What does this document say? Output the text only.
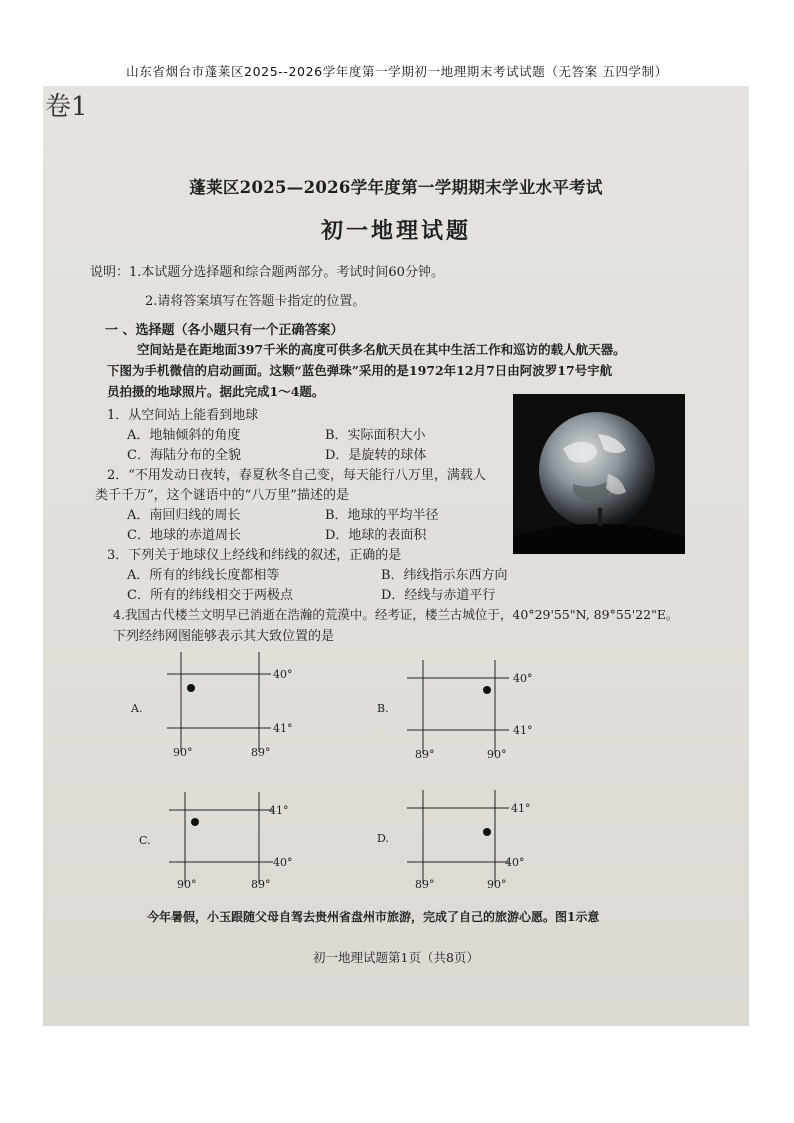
山东省烟台市蓬莱区2025--2026学年度第一学期初一地理期末考试试题（无答案 五四学制）
卷1
蓬莱区2025—2026学年度第一学期期末学业水平考试
初一地理试题
说明：1.本试题分选择题和综合题两部分。考试时间60分钟。
2.请将答案填写在答题卡指定的位置。
一 、选择题（各小题只有一个正确答案）
空间站是在距地面397千米的高度可供多名航天员在其中生活工作和巡访的载人航天器。
下图为手机微信的启动画面。这颗“蓝色弹珠”采用的是1972年12月7日由阿波罗17号宇航
员拍摄的地球照片。据此完成1～4题。
1．从空间站上能看到地球
A．地轴倾斜的角度	B．实际面积大小
C．海陆分布的全貌	D．是旋转的球体
2．“不用发动日夜转，春夏秋冬自己变，每天能行八万里，满载人
类千千万”，这个谜语中的“八万里”描述的是
A．南回归线的周长	B．地球的平均半径
C．地球的赤道周长	D．地球的表面积
3．下列关于地球仪上经线和纬线的叙述，正确的是
A．所有的纬线长度都相等	B．纬线指示东西方向
C．所有的纬线相交于两极点	D．经线与赤道平行
4.我国古代楼兰文明早已消逝在浩瀚的荒漠中。经考证，楼兰古城位于，40°29'55"N, 89°55'22"E。
下列经纬网图能够表示其大致位置的是
A.
40°
41°
90°	89°
B.
40°
41°
89°	90°
C.
41°
40°
90°	89°
D.
41°
40°
89°	90°
今年暑假，小玉跟随父母自驾去贵州省盘州市旅游，完成了自己的旅游心愿。图1示意
初一地理试题第1页（共8页）
